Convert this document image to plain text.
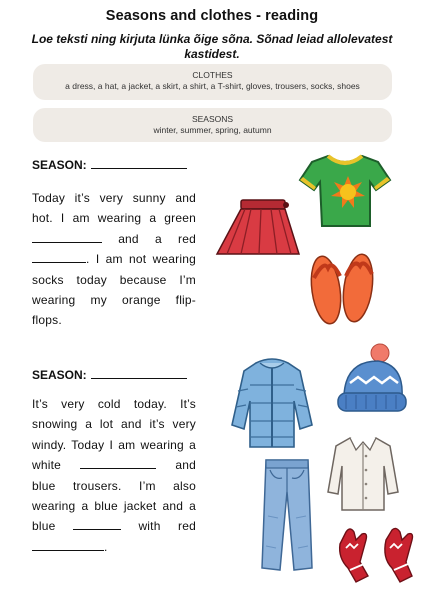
Seasons and clothes - reading
Loe teksti ning kirjuta lünka õige sõna. Sõnad leiad allolevatest kastidest.
CLOTHES
a dress, a hat, a jacket, a skirt, a shirt, a T-shirt, gloves, trousers, socks, shoes
SEASONS
winter, summer, spring, autumn
SEASON:
Today it’s very sunny and
hot. I am wearing a green
and a red
. I am not wearing
socks today because I’m
wearing my orange flip-
flops.
SEASON:
It’s very cold today. It’s
snowing a lot and it’s very
windy. Today I am wearing a
white	and
blue trousers. I’m also
wearing a blue jacket and a
blue	with red
.
